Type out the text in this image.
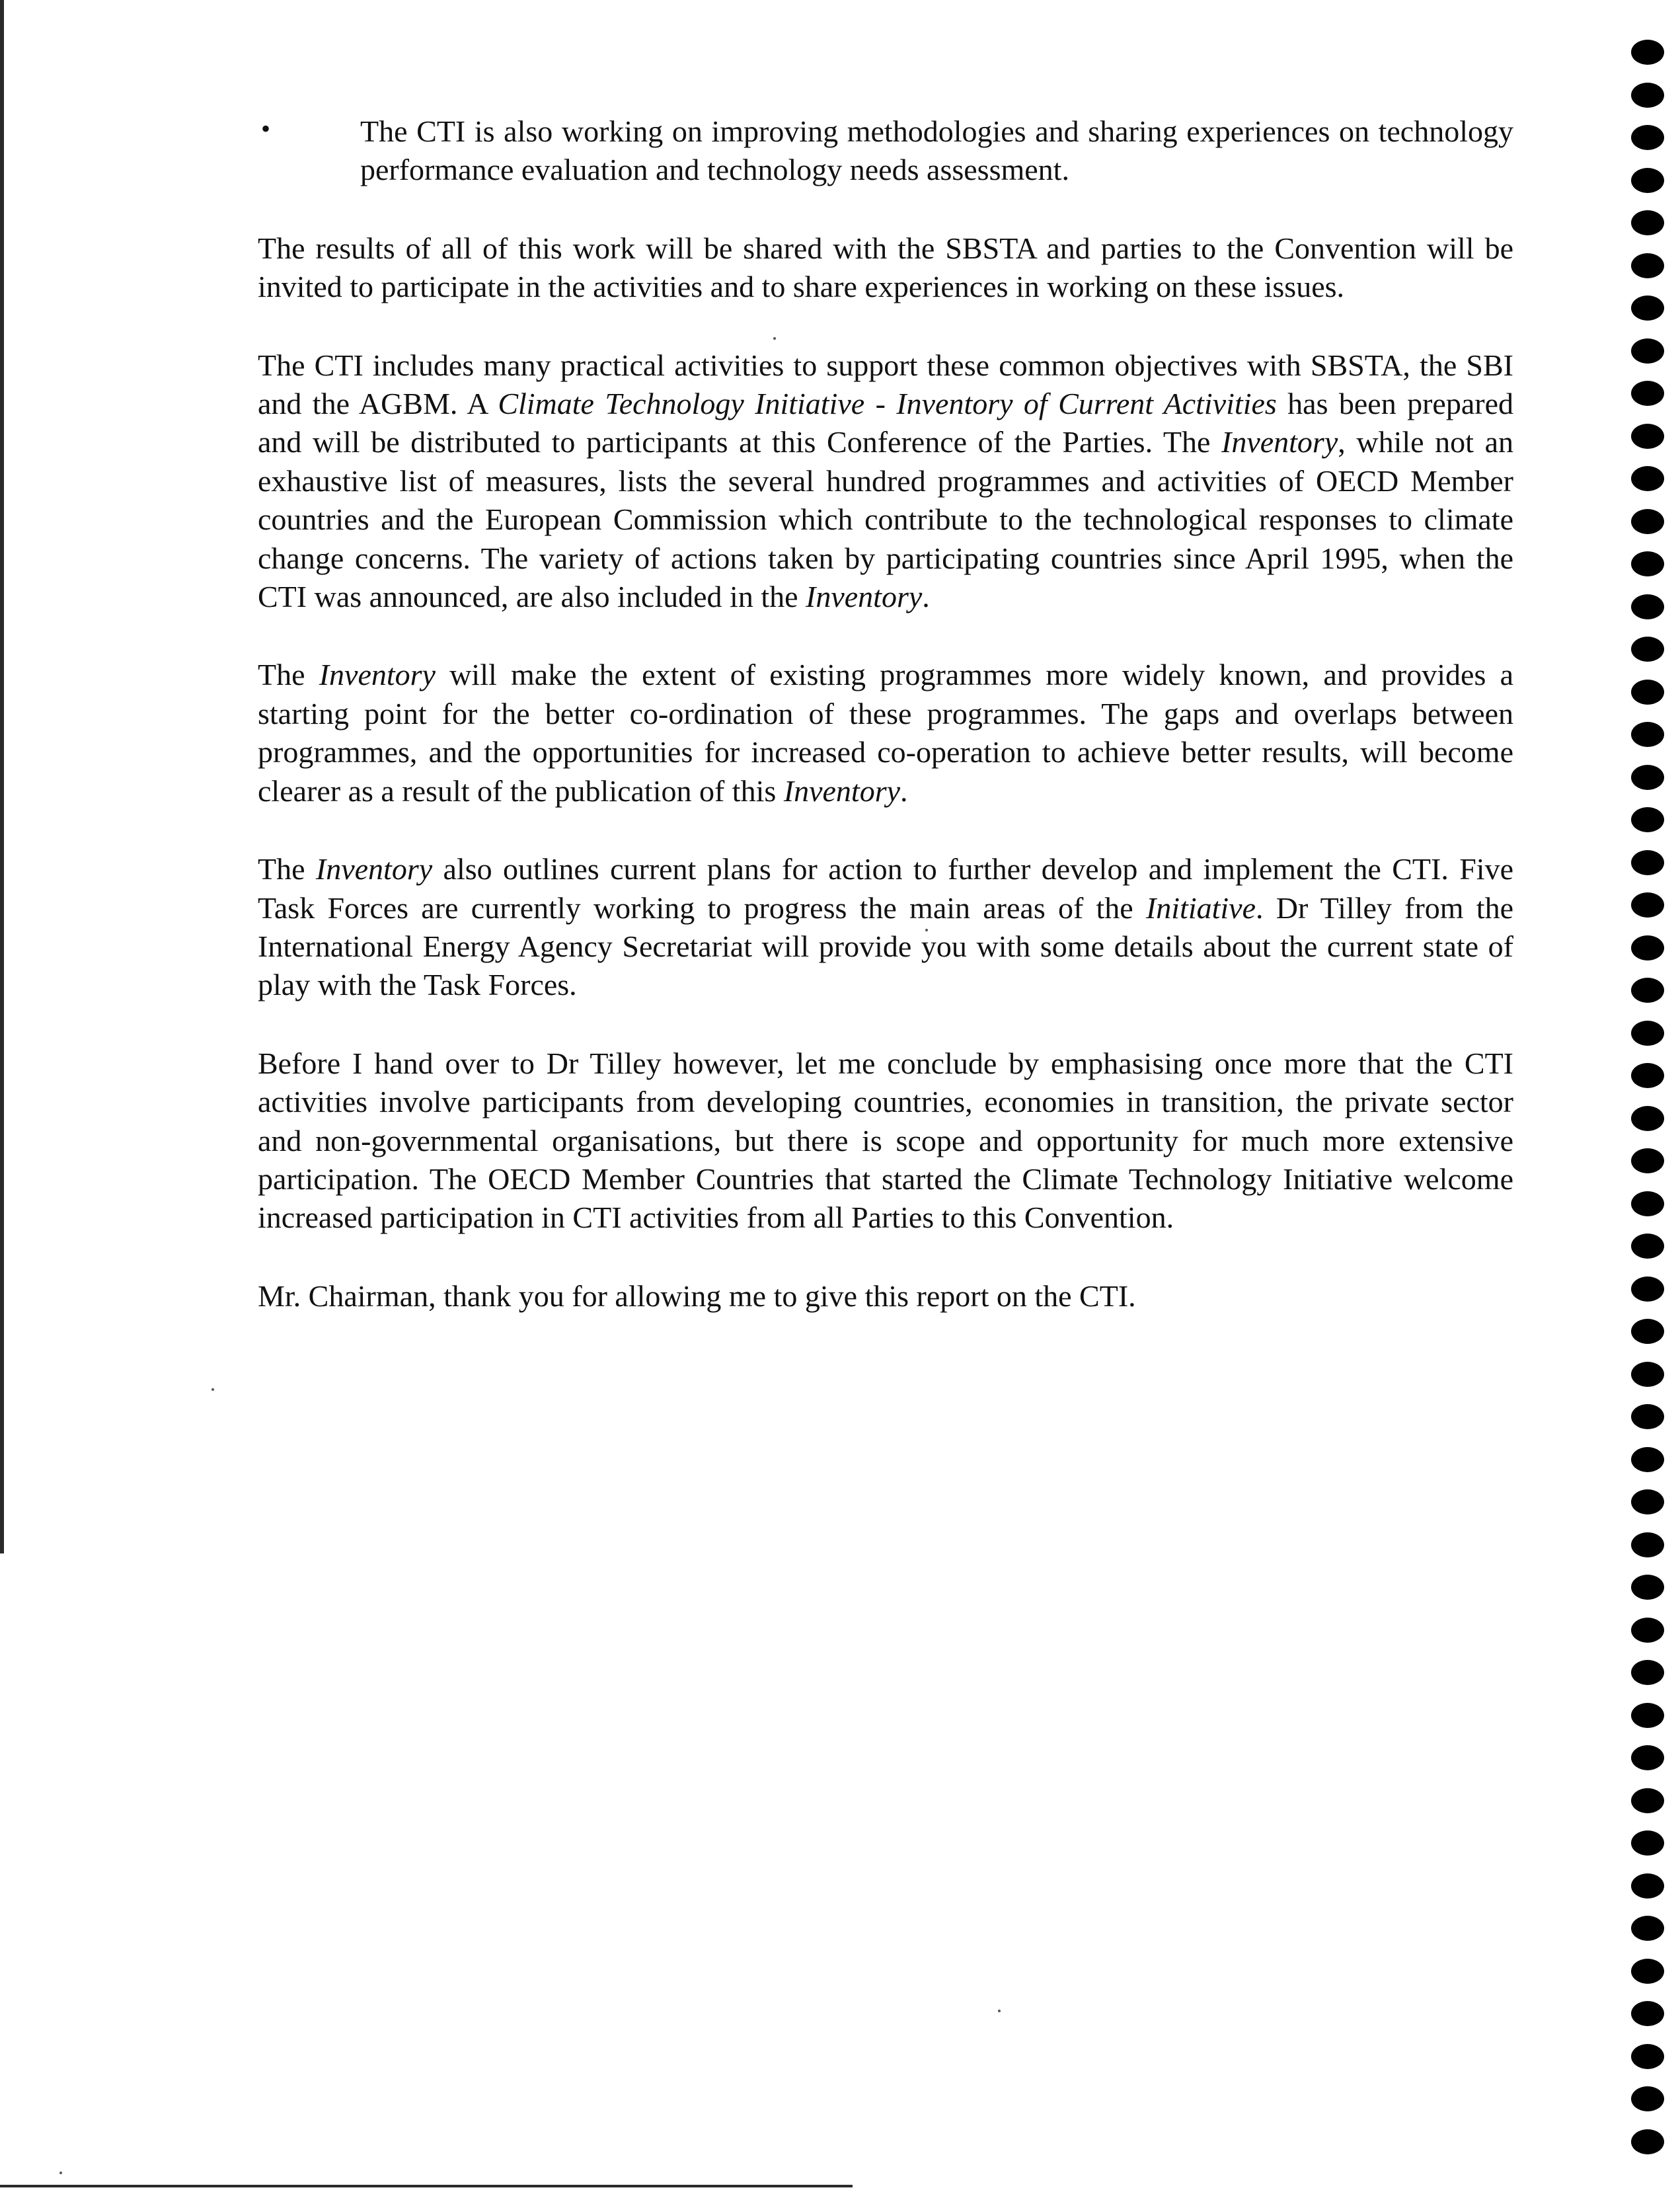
•	The CTI is also working on improving methodologies and sharing experiences on technology performance evaluation and technology needs assessment.

The results of all of this work will be shared with the SBSTA and parties to the Convention will be invited to participate in the activities and to share experiences in working on these issues.

The CTI includes many practical activities to support these common objectives with SBSTA, the SBI and the AGBM. A Climate Technology Initiative - Inventory of Current Activities has been prepared and will be distributed to participants at this Conference of the Parties. The Inventory, while not an exhaustive list of measures, lists the several hundred programmes and activities of OECD Member countries and the European Commission which contribute to the technological responses to climate change concerns. The variety of actions taken by participating countries since April 1995, when the CTI was announced, are also included in the Inventory.

The Inventory will make the extent of existing programmes more widely known, and provides a starting point for the better co-ordination of these programmes. The gaps and overlaps between programmes, and the opportunities for increased co-operation to achieve better results, will become clearer as a result of the publication of this Inventory.

The Inventory also outlines current plans for action to further develop and implement the CTI. Five Task Forces are currently working to progress the main areas of the Initiative. Dr Tilley from the International Energy Agency Secretariat will provide you with some details about the current state of play with the Task Forces.

Before I hand over to Dr Tilley however, let me conclude by emphasising once more that the CTI activities involve participants from developing countries, economies in transition, the private sector and non-governmental organisations, but there is scope and opportunity for much more extensive participation. The OECD Member Countries that started the Climate Technology Initiative welcome increased participation in CTI activities from all Parties to this Convention.

Mr. Chairman, thank you for allowing me to give this report on the CTI.
